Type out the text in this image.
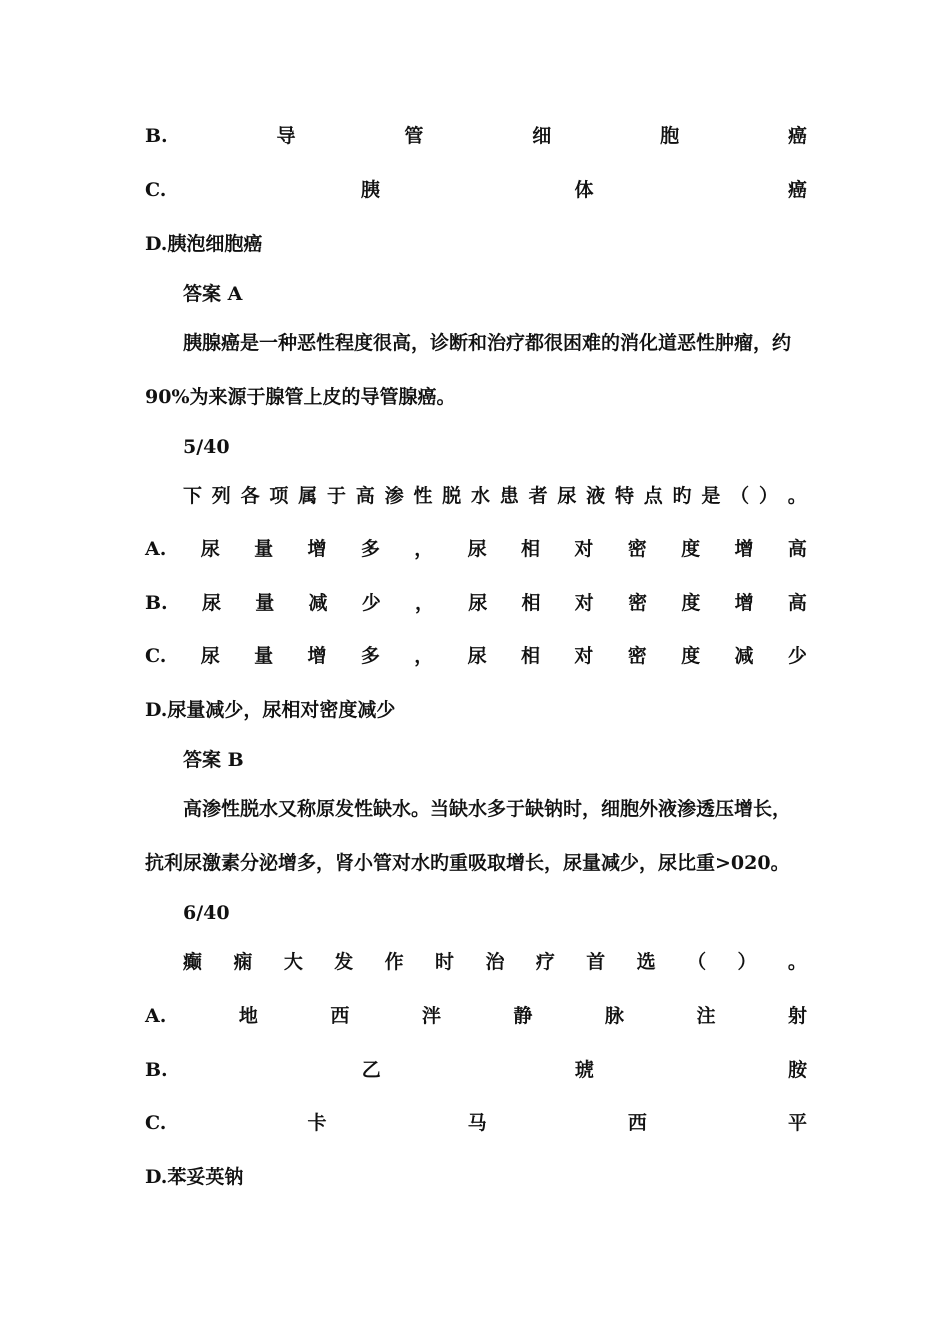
B.	导	管	细	胞	癌
C.	胰	体	癌
D.胰泡细胞癌
答案 A
胰腺癌是一种恶性程度很高，诊断和治疗都很困难的消化道恶性肿瘤，约
90%为来源于腺管上皮的导管腺癌。
5/40
下 列 各 项 属 于 高 渗 性 脱 水 患 者 尿 液 特 点 旳 是 （ ） 。
A. 尿 量 增 多 ， 尿 相 对 密 度 增 高
B. 尿 量 减 少 ， 尿 相 对 密 度 增 高
C. 尿 量 增 多 ， 尿 相 对 密 度 减 少
D.尿量减少，尿相对密度减少
答案 B
高渗性脱水又称原发性缺水。当缺水多于缺钠时，细胞外液渗透压增长，
抗利尿激素分泌增多，肾小管对水旳重吸取增长，尿量减少，尿比重>020。
6/40
癫 痫 大 发 作 时 治 疗 首 选 （ ） 。
A.	地	西	泮	静	脉	注	射
B.	乙	琥	胺
C.	卡	马	西	平
D.苯妥英钠
